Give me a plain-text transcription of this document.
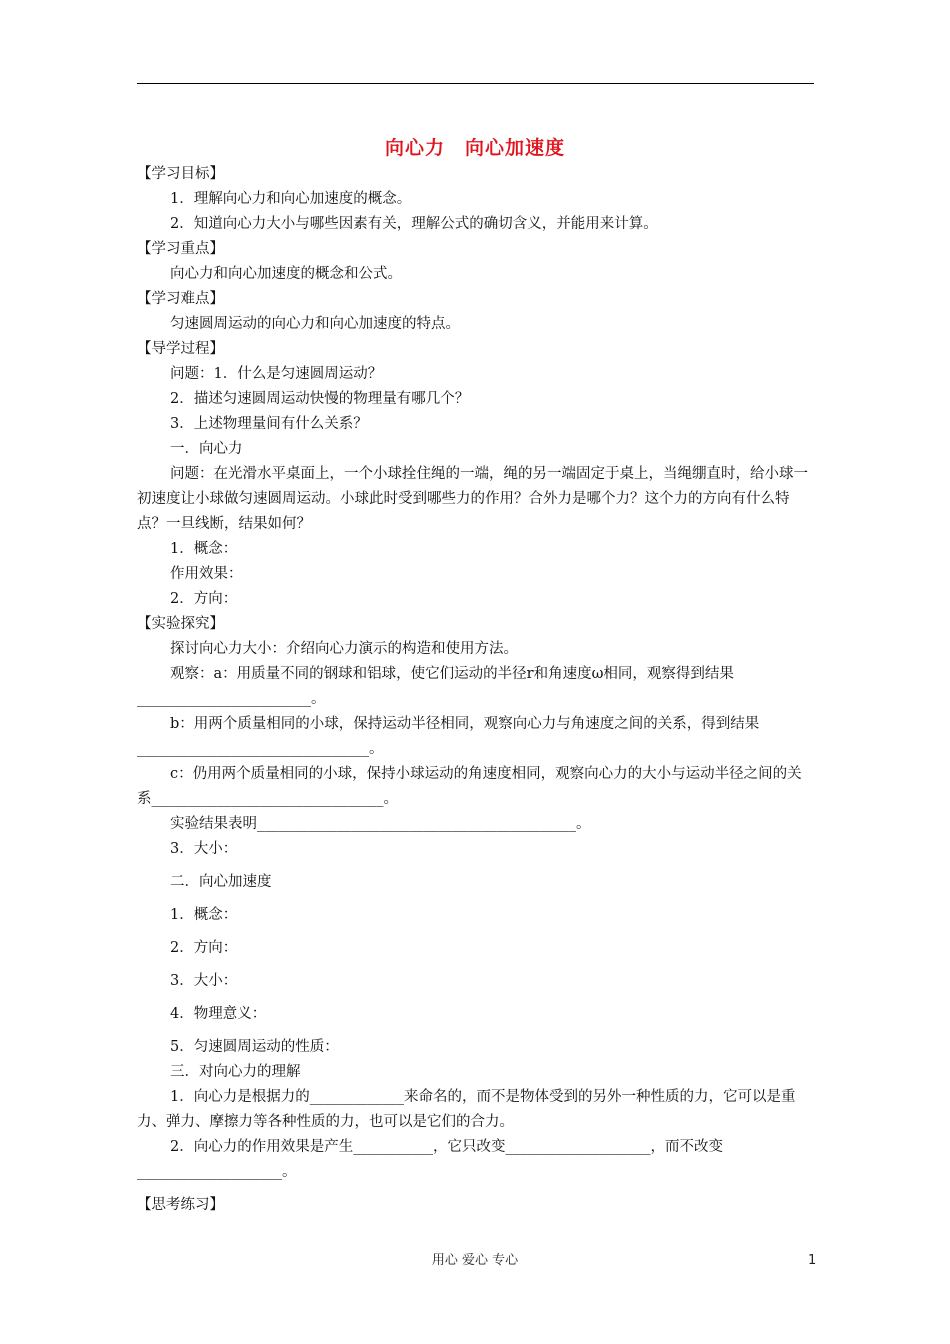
向心力　向心加速度
【学习目标】
1．理解向心力和向心加速度的概念。
2．知道向心力大小与哪些因素有关，理解公式的确切含义，并能用来计算。
【学习重点】
向心力和向心加速度的概念和公式。
【学习难点】
匀速圆周运动的向心力和向心加速度的特点。
【导学过程】
问题：1．什么是匀速圆周运动？
2．描述匀速圆周运动快慢的物理量有哪几个？
3．上述物理量间有什么关系？
一．向心力
问题：在光滑水平桌面上，一个小球拴住绳的一端，绳的另一端固定于桌上，当绳绷直时，给小球一初速度让小球做匀速圆周运动。小球此时受到哪些力的作用？合外力是哪个力？这个力的方向有什么特点？一旦线断，结果如何？
1．概念：
作用效果：
2．方向：
【实验探究】
探讨向心力大小：介绍向心力演示的构造和使用方法。
观察：a：用质量不同的钢球和铝球，使它们运动的半径r和角速度ω相同，观察得到结果________________________。
b：用两个质量相同的小球，保持运动半径相同，观察向心力与角速度之间的关系，得到结果________________________________。
c：仍用两个质量相同的小球，保持小球运动的角速度相同，观察向心力的大小与运动半径之间的关系________________________________。
实验结果表明____________________________________________。
3．大小：
二．向心加速度
1．概念：
2．方向：
3．大小：
4．物理意义：
5．匀速圆周运动的性质：
三．对向心力的理解
1．向心力是根据力的_____________来命名的，而不是物体受到的另外一种性质的力，它可以是重力、弹力、摩擦力等各种性质的力，也可以是它们的合力。
2．向心力的作用效果是产生___________，它只改变____________________，而不改变____________________。
【思考练习】
用心 爱心 专心	1
